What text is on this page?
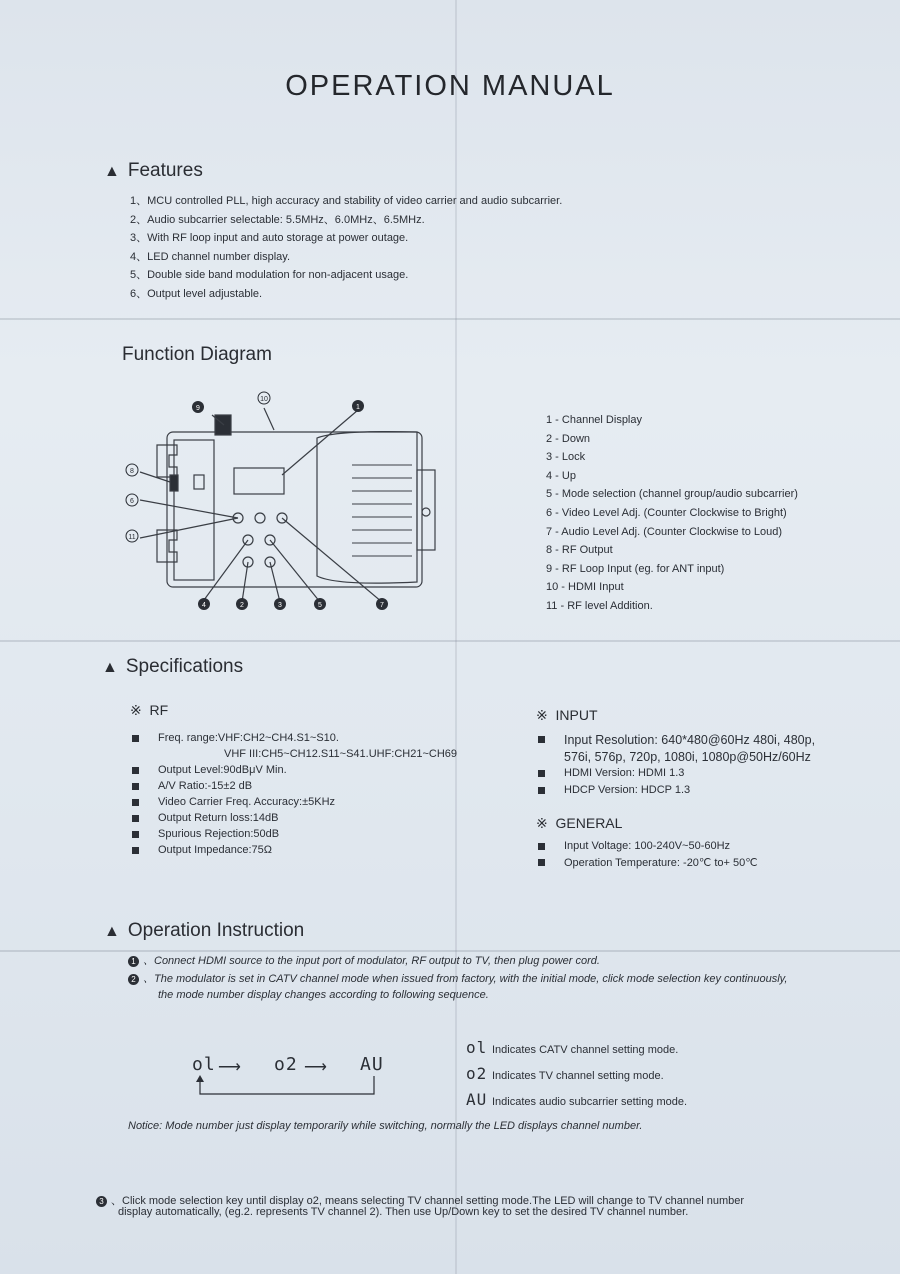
OPERATION MANUAL
▲ Features
1、MCU controlled PLL, high accuracy and stability of video carrier and audio subcarrier.
2、Audio subcarrier selectable: 5.5MHz、6.0MHz、6.5MHz.
3、With RF loop input and auto storage at power outage.
4、LED channel number display.
5、Double side band modulation for non-adjacent usage.
6、Output level adjustable.
Function Diagram
9
10
1
8
6
11
4	2	3	5	7
1 - Channel Display
2 - Down
3 - Lock
4 - Up
5 - Mode selection (channel group/audio subcarrier)
6 - Video Level Adj. (Counter Clockwise to Bright)
7 - Audio Level Adj. (Counter Clockwise to Loud)
8 - RF Output
9 - RF Loop Input (eg. for ANT input)
10 - HDMI Input
11 - RF level Addition.
▲ Specifications
※ RF
Freq. range:VHF:CH2~CH4.S1~S10.
VHF III:CH5~CH12.S11~S41.UHF:CH21~CH69
Output Level:90dBμV Min.
A/V Ratio:-15±2 dB
Video Carrier Freq. Accuracy:±5KHz
Output Return loss:14dB
Spurious Rejection:50dB
Output Impedance:75Ω
※ INPUT
Input Resolution: 640*480@60Hz 480i, 480p,
576i, 576p, 720p, 1080i, 1080p@50Hz/60Hz
HDMI Version: HDMI 1.3
HDCP Version: HDCP 1.3
※ GENERAL
Input Voltage: 100-240V~50-60Hz
Operation Temperature: -20℃ to+ 50℃
▲ Operation Instruction
1 、Connect HDMI source to the input port of modulator, RF output to TV, then plug power cord.
2 、The modulator is set in CATV channel mode when issued from factory, with the initial mode, click mode selection key continuously,
the mode number display changes according to following sequence.
ol ⟶ o2 ⟶ AU
ol Indicates CATV channel setting mode.
o2 Indicates TV channel setting mode.
AU Indicates audio subcarrier setting mode.
Notice: Mode number just display temporarily while switching, normally the LED displays channel number.
3 、Click mode selection key until display o2, means selecting TV channel setting mode.The LED will change to TV channel number
display automatically, (eg.2. represents TV channel 2). Then use Up/Down key to set the desired TV channel number.
